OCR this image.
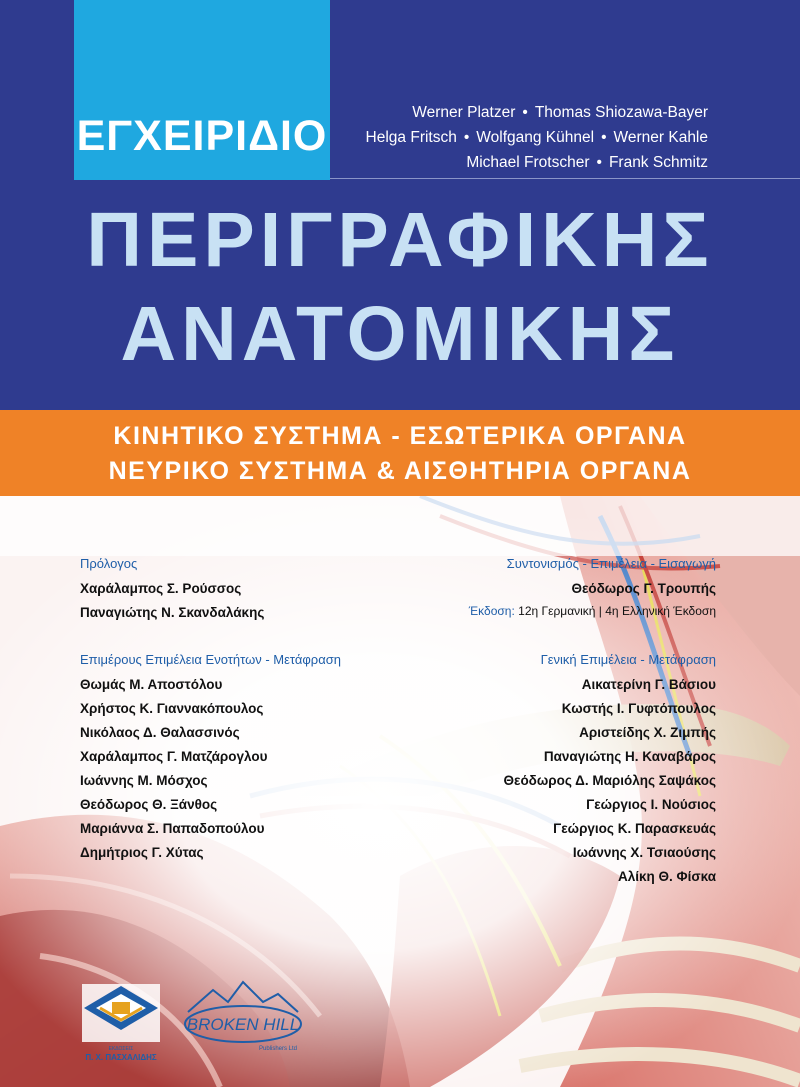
ΕΓΧΕΙΡΙΔΙΟ	Werner Platzer • Thomas Shiozawa-Bayer
Helga Fritsch • Wolfgang Kühnel • Werner Kahle
Michael Frotscher • Frank Schmitz
ΠΕΡΙΓΡΑΦΙΚΗΣ
ΑΝΑΤΟΜΙΚΗΣ
ΚΙΝΗΤΙΚΟ ΣΥΣΤΗΜΑ - ΕΣΩΤΕΡΙΚΑ ΟΡΓΑΝΑ
ΝΕΥΡΙΚΟ ΣΥΣΤΗΜΑ & ΑΙΣΘΗΤΗΡΙΑ ΟΡΓΑΝΑ
Πρόλογος
Χαράλαμπος Σ. Ρούσσος
Παναγιώτης Ν. Σκανδαλάκης
Συντονισμός - Επιμέλεια - Εισαγωγή
Θεόδωρος Γ. Τρουπής
Έκδοση: 12η Γερμανική | 4η Ελληνική Έκδοση
Επιμέρους Επιμέλεια Ενοτήτων - Μετάφραση
Θωμάς Μ. Αποστόλου
Χρήστος Κ. Γιαννακόπουλος
Νικόλαος Δ. Θαλασσινός
Χαράλαμπος Γ. Ματζάρογλου
Ιωάννης Μ. Μόσχος
Θεόδωρος Θ. Ξάνθος
Μαριάννα Σ. Παπαδοπούλου
Δημήτριος Γ. Χύτας
Γενική Επιμέλεια - Μετάφραση
Αικατερίνη Γ. Βάσιου
Κωστής Ι. Γυφτόπουλος
Αριστείδης Χ. Ζιμπής
Παναγιώτης Η. Καναβάρος
Θεόδωρος Δ. Μαριόλης Σαψάκος
Γεώργιος Ι. Νούσιος
Γεώργιος Κ. Παρασκευάς
Ιωάννης Χ. Τσιαούσης
Αλίκη Θ. Φίσκα
ΕΚΔΟΣΕΙΣ
Π. Χ. ΠΑΣΧΑΛΙΔΗΣ
BROKEN HILL
Publishers Ltd
